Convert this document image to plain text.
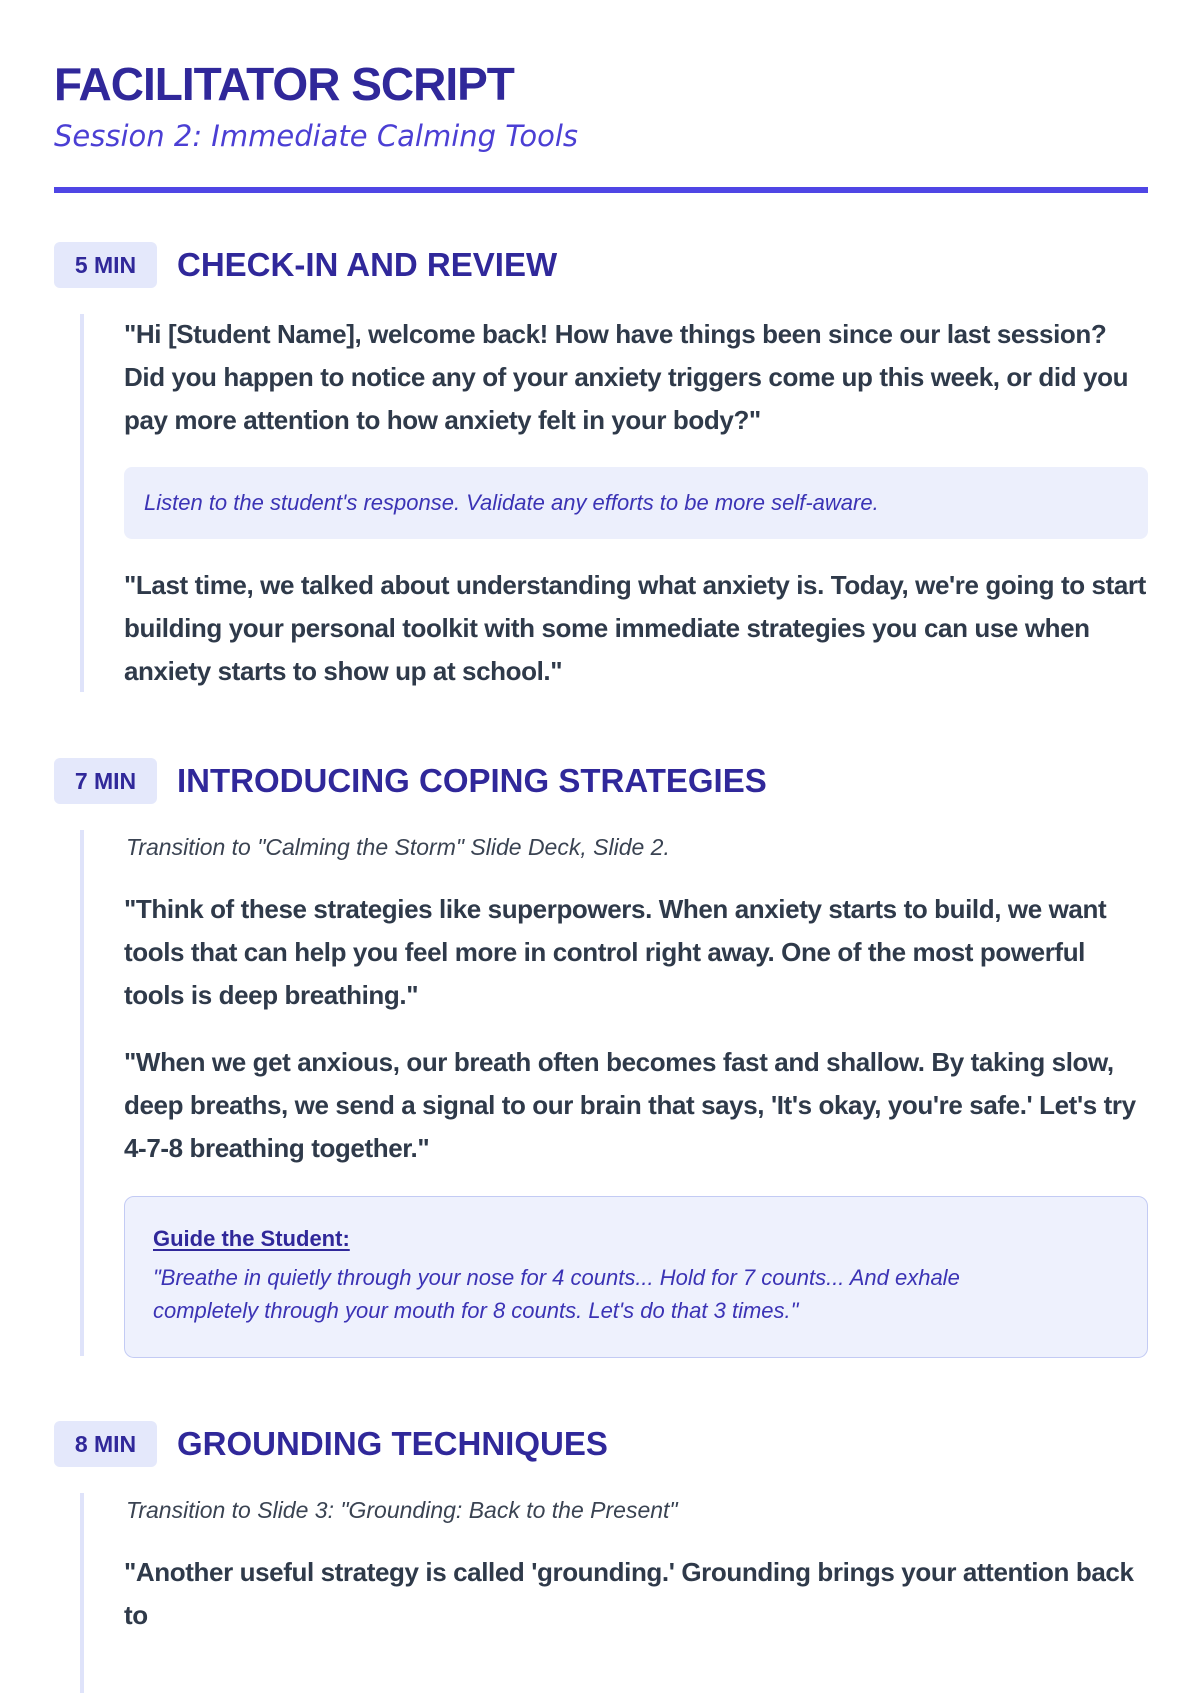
FACILITATOR SCRIPT
Session 2: Immediate Calming Tools
5 MIN	CHECK-IN AND REVIEW

"Hi [Student Name], welcome back! How have things been since our last session? Did you happen to notice any of your anxiety triggers come up this week, or did you pay more attention to how anxiety felt in your body?"

Listen to the student's response. Validate any efforts to be more self-aware.

"Last time, we talked about understanding what anxiety is. Today, we're going to start building your personal toolkit with some immediate strategies you can use when anxiety starts to show up at school."

7 MIN	INTRODUCING COPING STRATEGIES

Transition to "Calming the Storm" Slide Deck, Slide 2.

"Think of these strategies like superpowers. When anxiety starts to build, we want tools that can help you feel more in control right away. One of the most powerful tools is deep breathing."

"When we get anxious, our breath often becomes fast and shallow. By taking slow, deep breaths, we send a signal to our brain that says, 'It's okay, you're safe.' Let's try 4-7-8 breathing together."

Guide the Student:

"Breathe in quietly through your nose for 4 counts... Hold for 7 counts... And exhale completely through your mouth for 8 counts. Let's do that 3 times."

8 MIN	GROUNDING TECHNIQUES

Transition to Slide 3: "Grounding: Back to the Present"

"Another useful strategy is called 'grounding.' Grounding brings your attention back to
